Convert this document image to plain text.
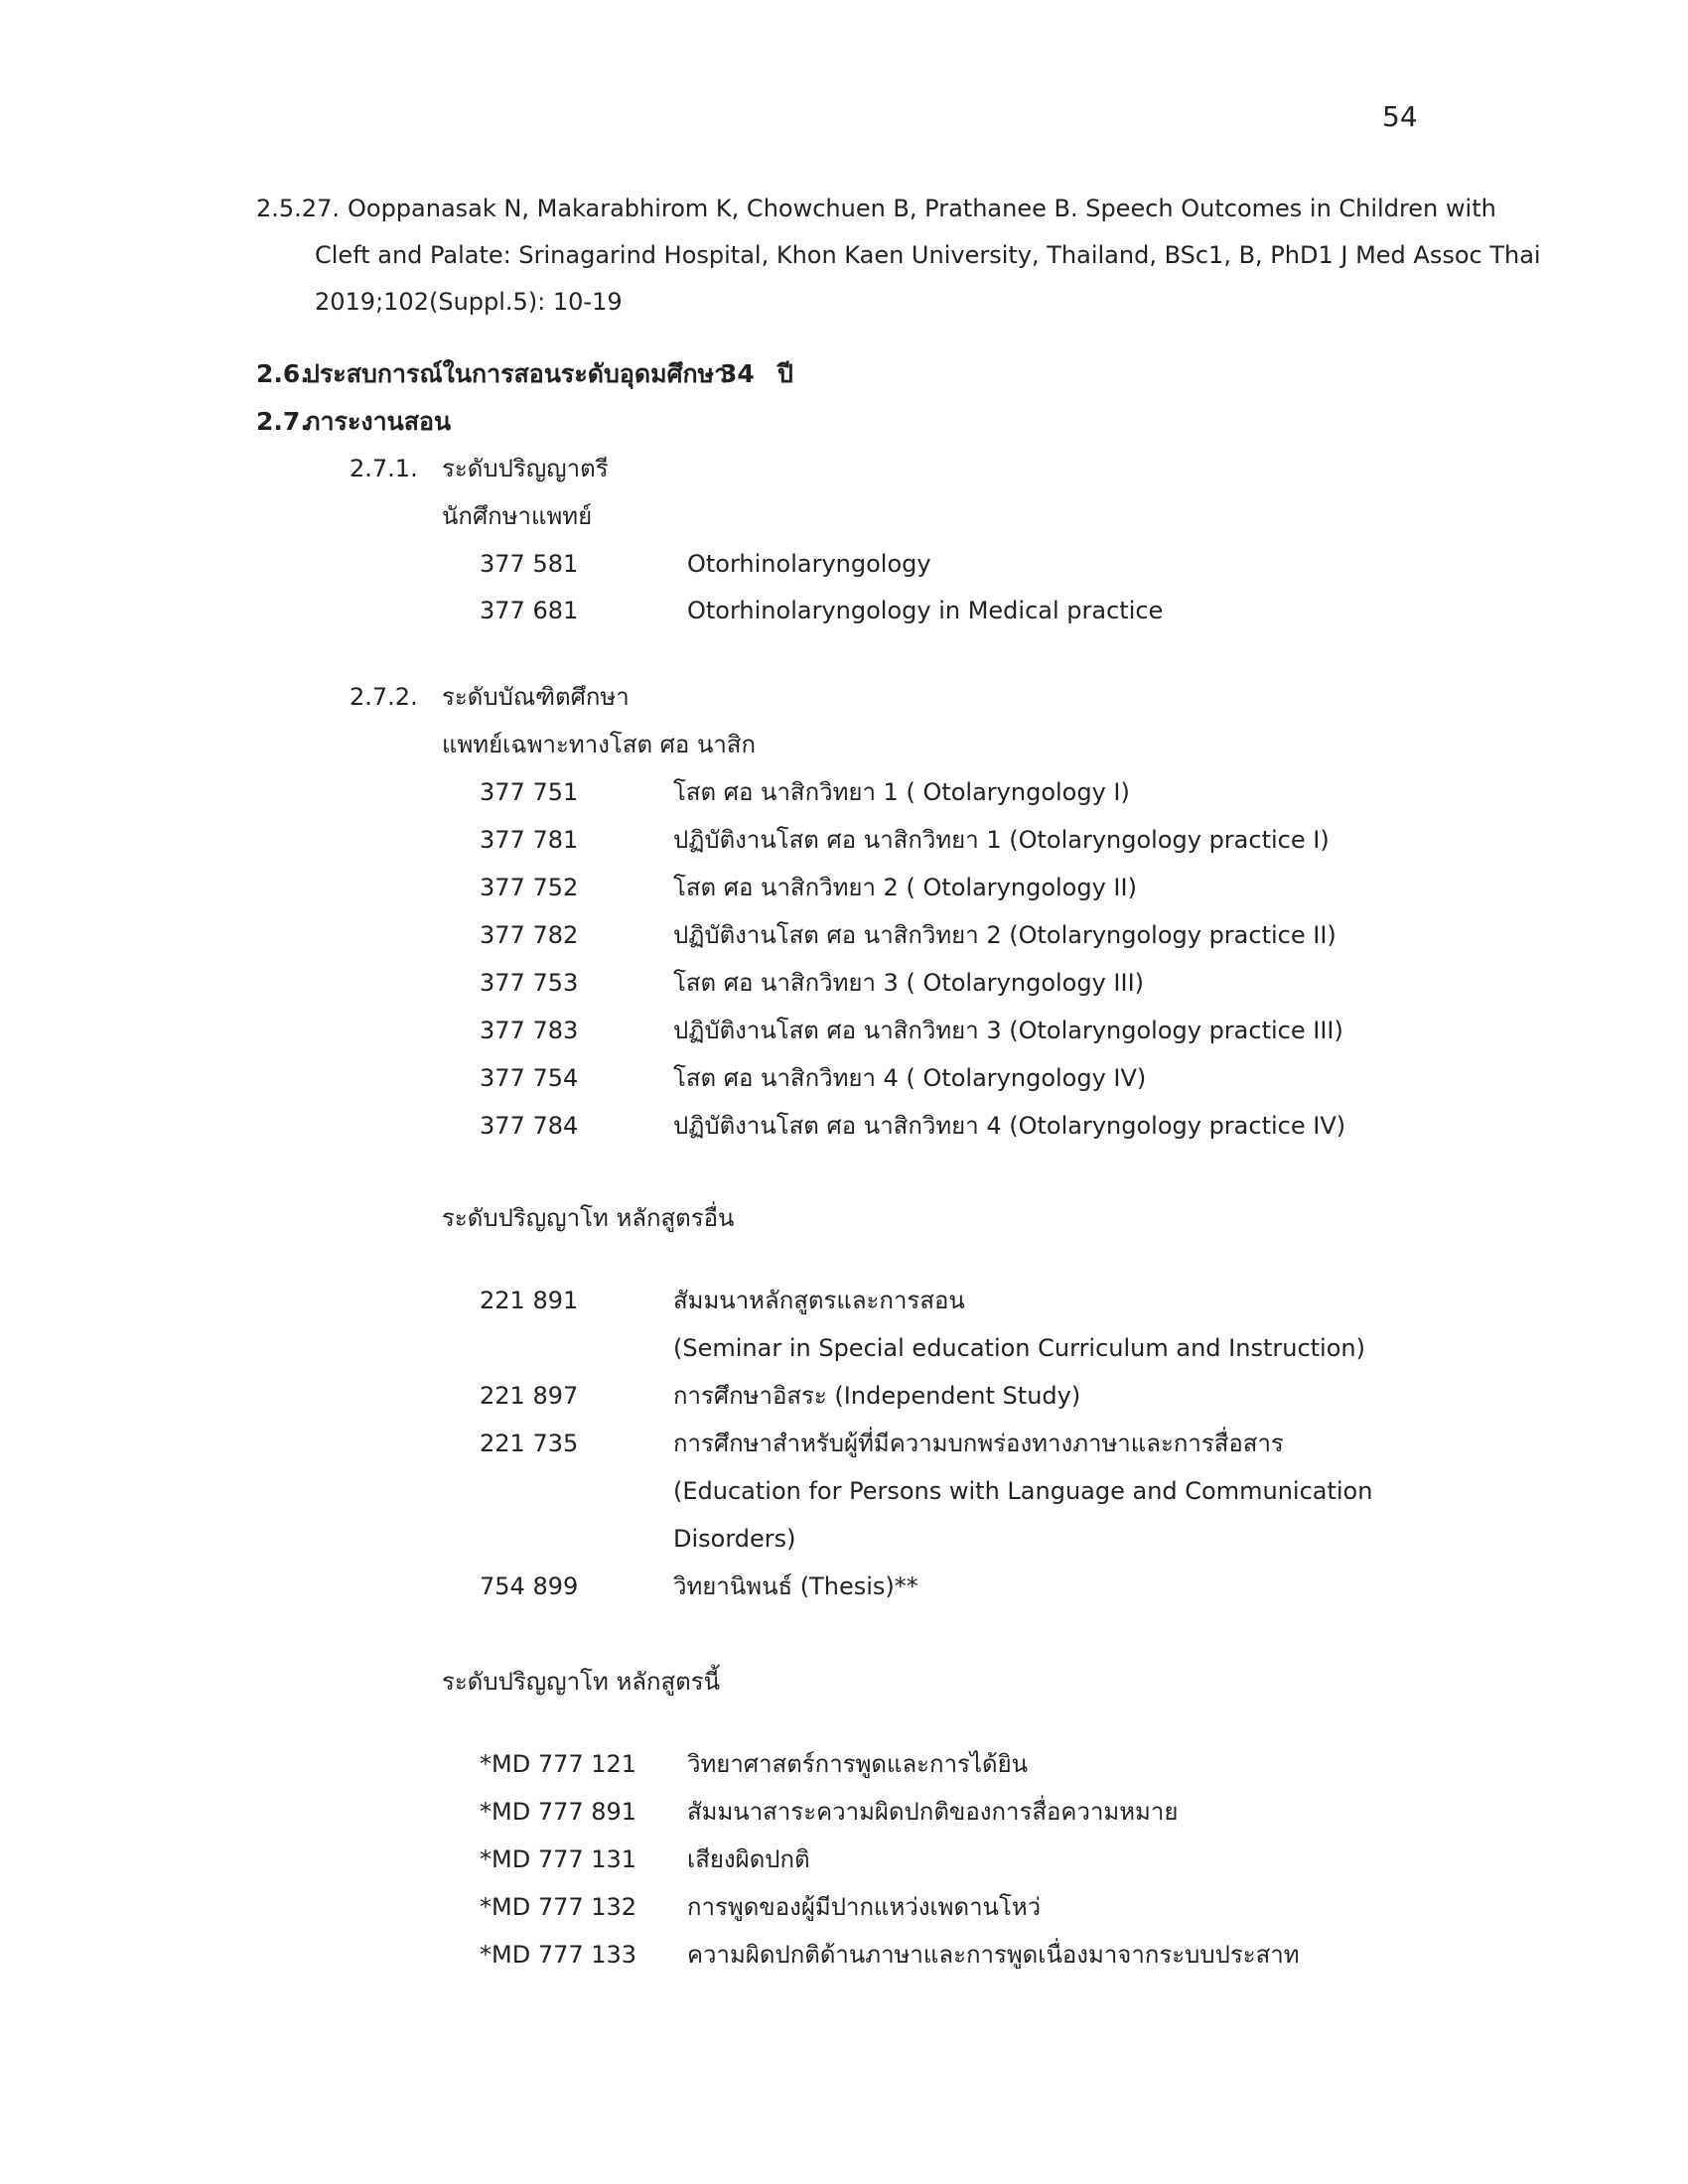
54
2.5.27. Ooppanasak N, Makarabhirom K, Chowchuen B, Prathanee B. Speech Outcomes in Children with
Cleft and Palate: Srinagarind Hospital, Khon Kaen University, Thailand, BSc1, B, PhD1 J Med Assoc Thai
2019;102(Suppl.5): 10-19
2.6.
ประสบการณ์ในการสอนระดับอุดมศึกษา
34 ปี
2.7.
ภาระงานสอน
2.7.1. ระดับปริญญาตรี
นักศึกษาแพทย์
377 581	Otorhinolaryngology
377 681	Otorhinolaryngology in Medical practice
2.7.2. ระดับบัณฑิตศึกษา
แพทย์เฉพาะทางโสต ศอ นาสิก
377 751	โสต ศอ นาสิกวิทยา 1 ( Otolaryngology I)
377 781	ปฏิบัติงานโสต ศอ นาสิกวิทยา 1 (Otolaryngology practice I)
377 752	โสต ศอ นาสิกวิทยา 2 ( Otolaryngology II)
377 782	ปฏิบัติงานโสต ศอ นาสิกวิทยา 2 (Otolaryngology practice II)
377 753	โสต ศอ นาสิกวิทยา 3 ( Otolaryngology III)
377 783	ปฏิบัติงานโสต ศอ นาสิกวิทยา 3 (Otolaryngology practice III)
377 754	โสต ศอ นาสิกวิทยา 4 ( Otolaryngology IV)
377 784	ปฏิบัติงานโสต ศอ นาสิกวิทยา 4 (Otolaryngology practice IV)
ระดับปริญญาโท หลักสูตรอื่น
221 891	สัมมนาหลักสูตรและการสอน
(Seminar in Special education Curriculum and Instruction)
221 897	การศึกษาอิสระ (Independent Study)
221 735	การศึกษาสำหรับผู้ที่มีความบกพร่องทางภาษาและการสื่อสาร
(Education for Persons with Language and Communication
Disorders)
754 899	วิทยานิพนธ์ (Thesis)**
ระดับปริญญาโท หลักสูตรนี้
*MD 777 121 วิทยาศาสตร์การพูดและการได้ยิน
*MD 777 891 สัมมนาสาระความผิดปกติของการสื่อความหมาย
*MD 777 131 เสียงผิดปกติ
*MD 777 132 การพูดของผู้มีปากแหว่งเพดานโหว่
*MD 777 133 ความผิดปกติด้านภาษาและการพูดเนื่องมาจากระบบประสาท
